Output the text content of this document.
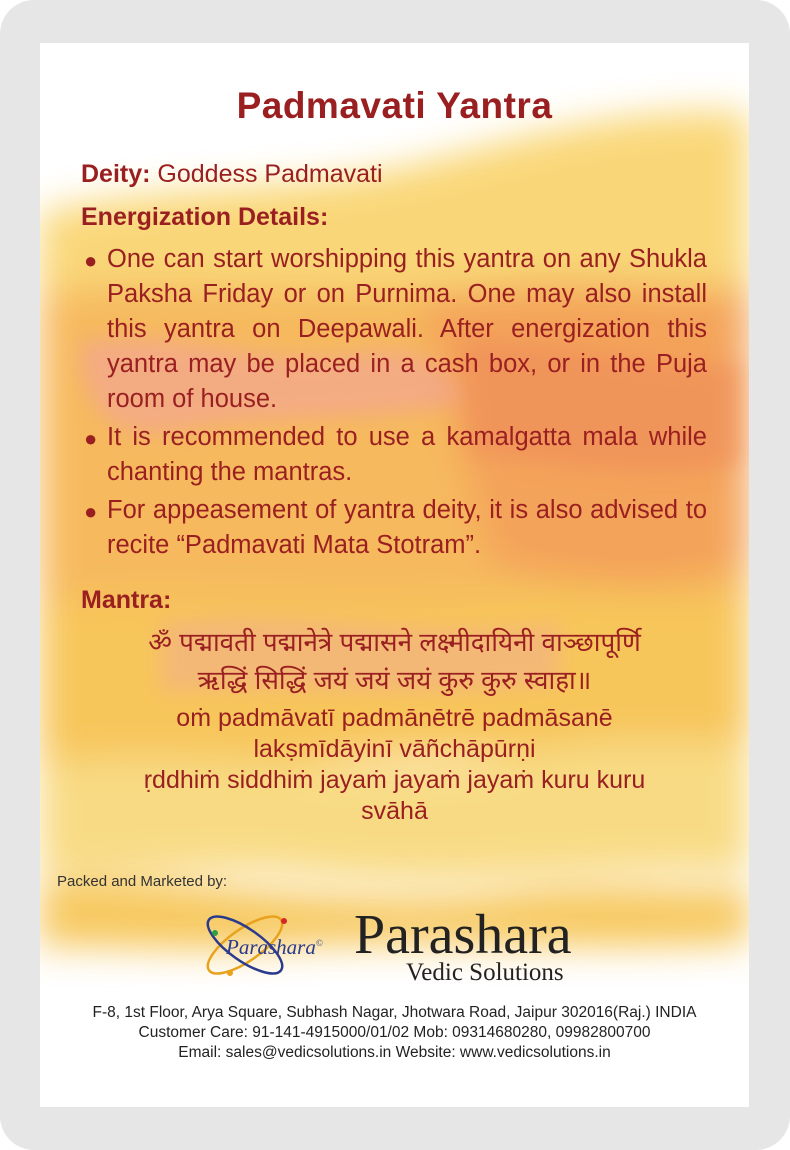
Padmavati Yantra
Deity: Goddess Padmavati
Energization Details:
● One can start worshipping this yantra on any Shukla Paksha Friday or on Purnima. One may also install this yantra on Deepawali. After energization this yantra may be placed in a cash box, or in the Puja room of house.
● It is recommended to use a kamalgatta mala while chanting the mantras.
● For appeasement of yantra deity, it is also advised to recite “Padmavati Mata Stotram”.
Mantra:
ॐ पद्मावती पद्मानेत्रे पद्मासने लक्ष्मीदायिनी वाञ्छापूर्णि
ऋद्धिं सिद्धिं जयं जयं जयं कुरु कुरु स्वाहा॥
oṁ padmāvatī padmānētrē padmāsanē
lakṣmīdāyinī vāñchāpūrṇi
ṛddhiṁ siddhiṁ jayaṁ jayaṁ jayaṁ kuru kuru
svāhā
Packed and Marketed by:
Parashara© Parashara
Vedic Solutions
F-8, 1st Floor, Arya Square, Subhash Nagar, Jhotwara Road, Jaipur 302016(Raj.) INDIA
Customer Care: 91-141-4915000/01/02 Mob: 09314680280, 09982800700
Email: sales@vedicsolutions.in Website: www.vedicsolutions.in
